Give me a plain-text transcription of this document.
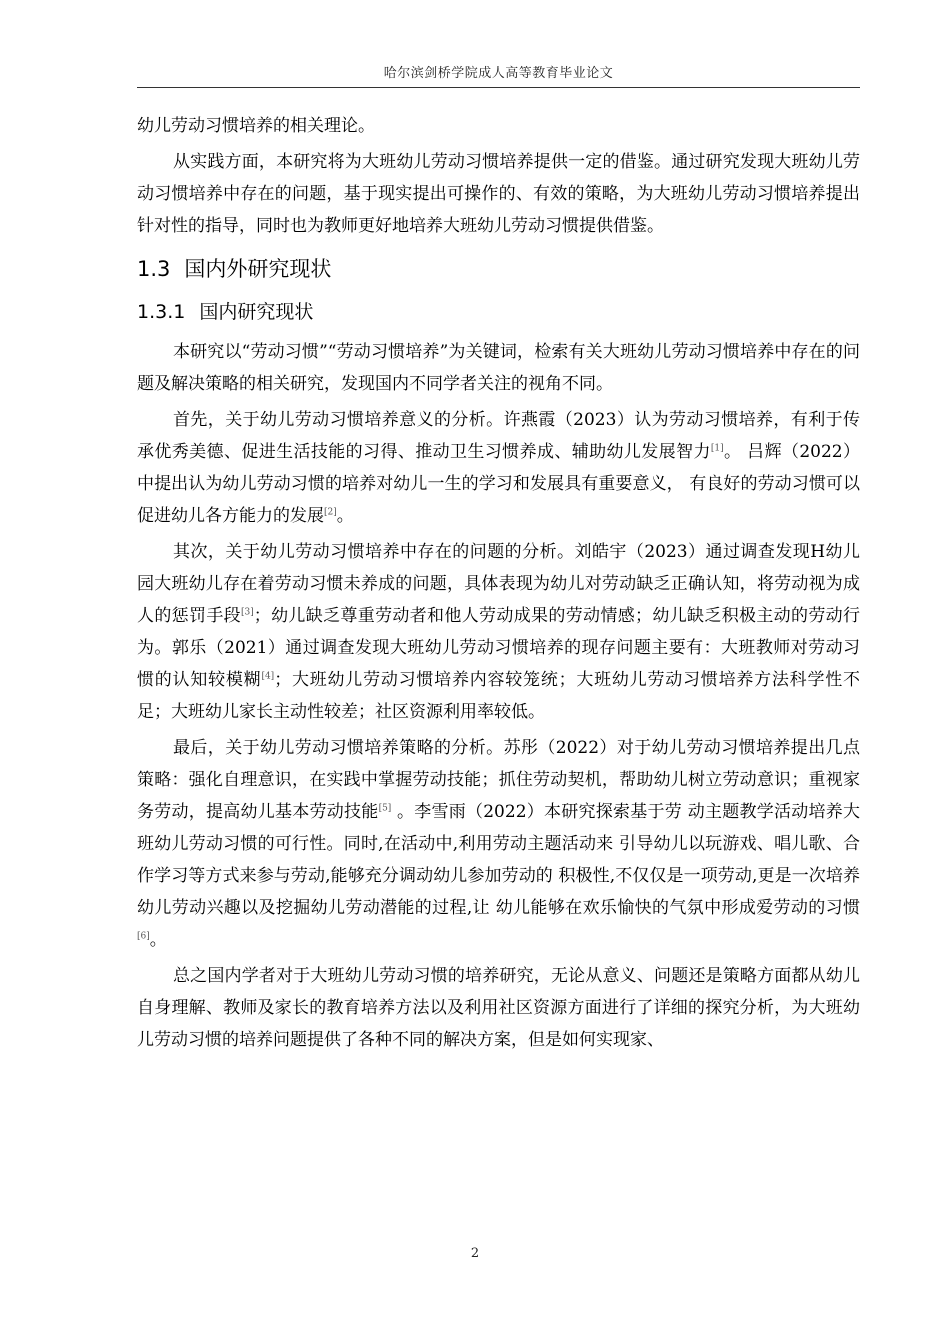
哈尔滨剑桥学院成人高等教育毕业论文

幼儿劳动习惯培养的相关理论。

从实践方面，本研究将为大班幼儿劳动习惯培养提供一定的借鉴。通过研究发现大班幼儿劳动习惯培养中存在的问题，基于现实提出可操作的、有效的策略，为大班幼儿劳动习惯培养提出针对性的指导，同时也为教师更好地培养大班幼儿劳动习惯提供借鉴。

1.3 国内外研究现状
1.3.1 国内研究现状

本研究以“劳动习惯”“劳动习惯培养”为关键词，检索有关大班幼儿劳动习惯培养中存在的问题及解决策略的相关研究，发现国内不同学者关注的视角不同。

首先，关于幼儿劳动习惯培养意义的分析。许燕霞（2023）认为劳动习惯培养，有利于传承优秀美德、促进生活技能的习得、推动卫生习惯养成、辅助幼儿发展智力[1]。 吕辉（2022）中提出认为幼儿劳动习惯的培养对幼儿一生的学习和发展具有重要意义， 有良好的劳动习惯可以促进幼儿各方能力的发展[2]。

其次，关于幼儿劳动习惯培养中存在的问题的分析。刘皓宇（2023）通过调查发现H幼儿园大班幼儿存在着劳动习惯未养成的问题，具体表现为幼儿对劳动缺乏正确认知，将劳动视为成人的惩罚手段[3]；幼儿缺乏尊重劳动者和他人劳动成果的劳动情感；幼儿缺乏积极主动的劳动行为。郭乐（2021）通过调查发现大班幼儿劳动习惯培养的现存问题主要有：大班教师对劳动习惯的认知较模糊[4]；大班幼儿劳动习惯培养内容较笼统；大班幼儿劳动习惯培养方法科学性不足；大班幼儿家长主动性较差；社区资源利用率较低。

最后，关于幼儿劳动习惯培养策略的分析。苏彤（2022）对于幼儿劳动习惯培养提出几点策略：强化自理意识，在实践中掌握劳动技能；抓住劳动契机，帮助幼儿树立劳动意识；重视家务劳动，提高幼儿基本劳动技能[5] 。李雪雨（2022）本研究探索基于劳 动主题教学活动培养大班幼儿劳动习惯的可行性。同时,在活动中,利用劳动主题活动来 引导幼儿以玩游戏、唱儿歌、合作学习等方式来参与劳动,能够充分调动幼儿参加劳动的 积极性,不仅仅是一项劳动,更是一次培养幼儿劳动兴趣以及挖掘幼儿劳动潜能的过程,让 幼儿能够在欢乐愉快的气氛中形成爱劳动的习惯[6]。

总之国内学者对于大班幼儿劳动习惯的培养研究，无论从意义、问题还是策略方面都从幼儿自身理解、教师及家长的教育培养方法以及利用社区资源方面进行了详细的探究分析，为大班幼儿劳动习惯的培养问题提供了各种不同的解决方案，但是如何实现家、

2
